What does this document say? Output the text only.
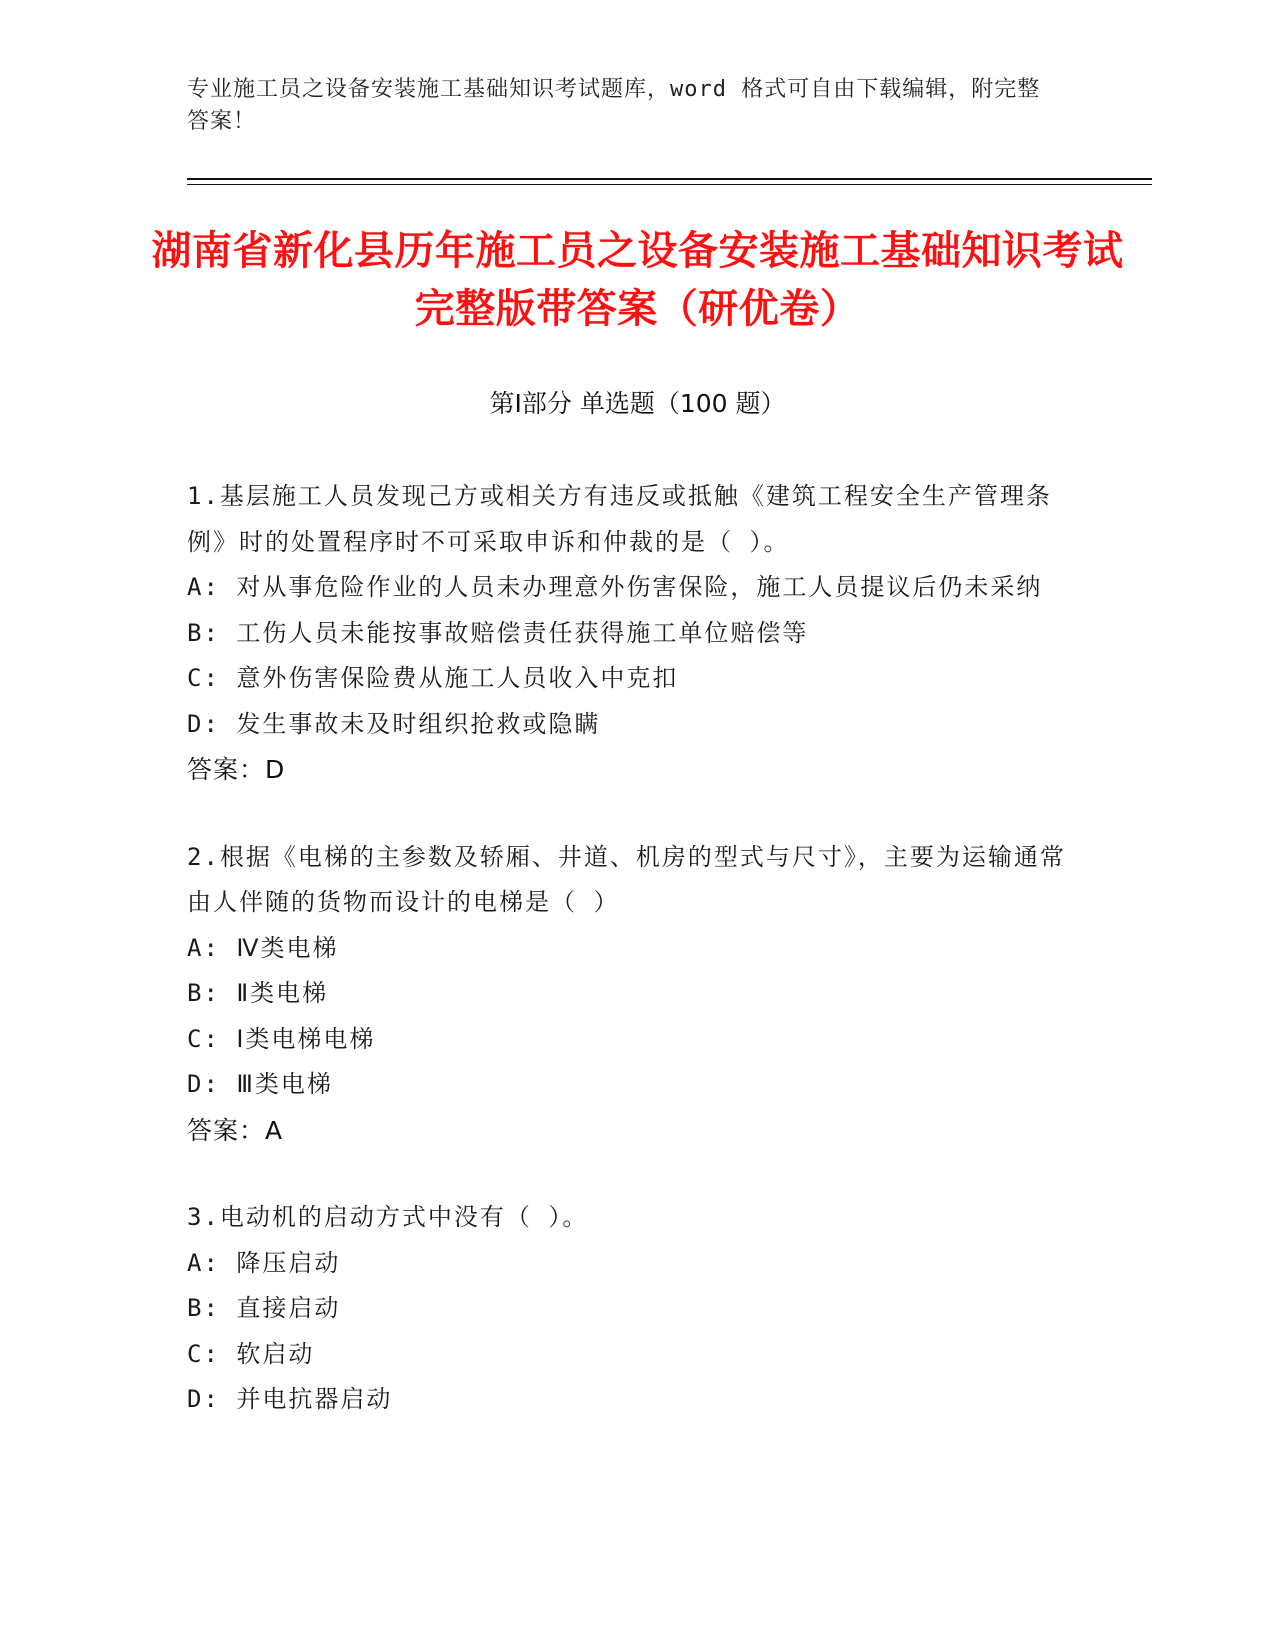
专业施工员之设备安装施工基础知识考试题库，word 格式可自由下载编辑，附完整答案！
湖南省新化县历年施工员之设备安装施工基础知识考试完整版带答案（研优卷）
第Ⅰ部分 单选题（100 题）
1.基层施工人员发现己方或相关方有违反或抵触《建筑工程安全生产管理条例》时的处置程序时不可采取申诉和仲裁的是（ ）。
A: 对从事危险作业的人员未办理意外伤害保险，施工人员提议后仍未采纳
B: 工伤人员未能按事故赔偿责任获得施工单位赔偿等
C: 意外伤害保险费从施工人员收入中克扣
D: 发生事故未及时组织抢救或隐瞒
答案：D
2.根据《电梯的主参数及轿厢、井道、机房的型式与尺寸》，主要为运输通常由人伴随的货物而设计的电梯是（ ）
A: Ⅳ类电梯
B: Ⅱ类电梯
C: Ⅰ类电梯电梯
D: Ⅲ类电梯
答案：A
3.电动机的启动方式中没有（ ）。
A: 降压启动
B: 直接启动
C: 软启动
D: 并电抗器启动
